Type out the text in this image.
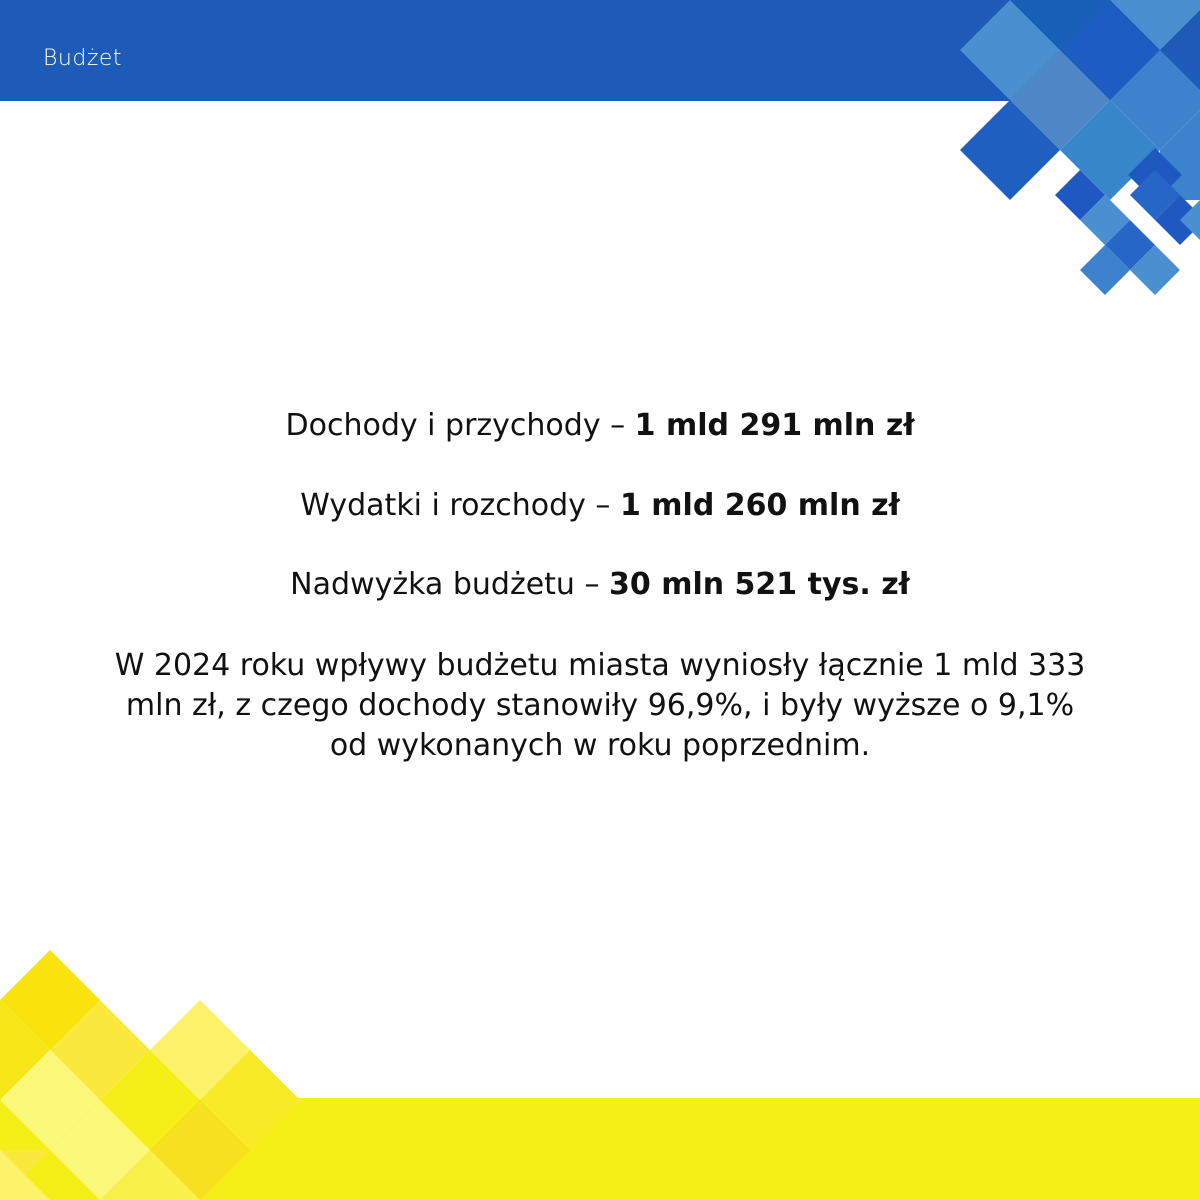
Budżet
Dochody i przychody – 1 mld 291 mln zł
Wydatki i rozchody – 1 mld 260 mln zł
Nadwyżka budżetu – 30 mln 521 tys. zł
W 2024 roku wpływy budżetu miasta wyniosły łącznie 1 mld 333
mln zł, z czego dochody stanowiły 96,9%, i były wyższe o 9,1%
od wykonanych w roku poprzednim.
